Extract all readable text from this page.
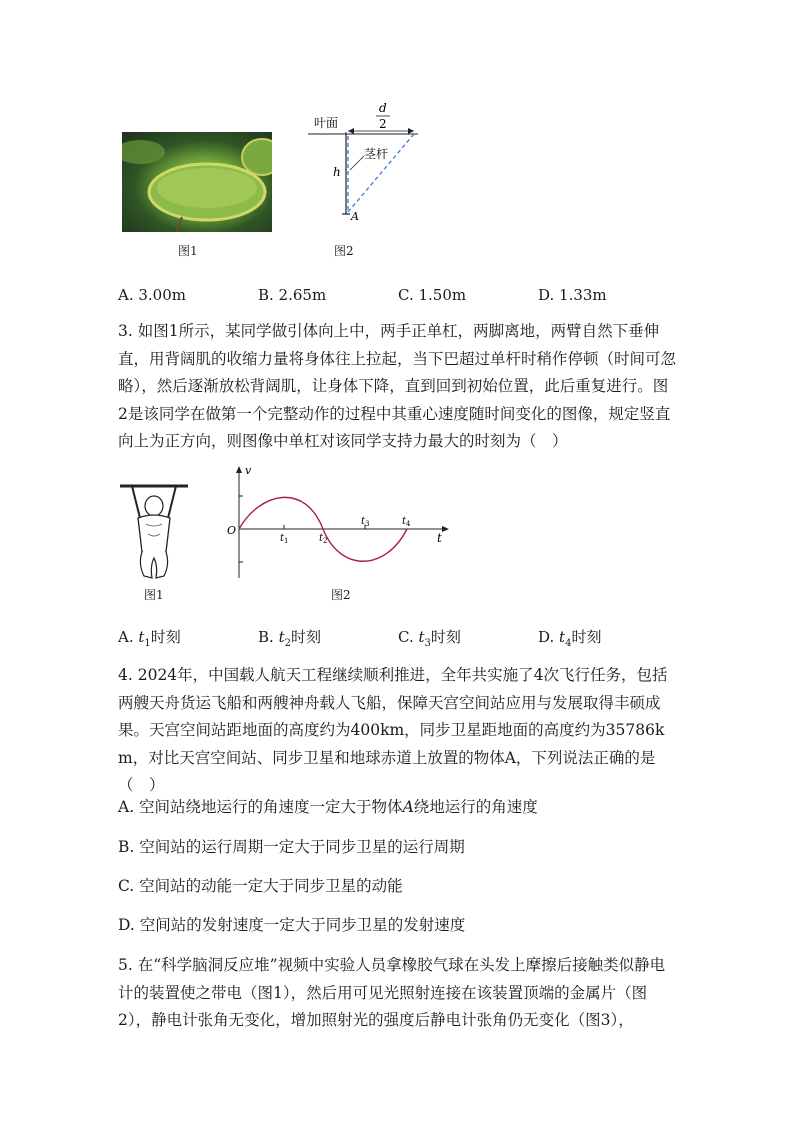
图1
叶面
d
2
茎杆
h
A
图2
A. 3.00m	B. 2.65m	C. 1.50m	D. 1.33m
3. 如图1所示，某同学做引体向上中，两手正单杠，两脚离地，两臂自然下垂伸直，用背阔肌的收缩力量将身体往上拉起，当下巴超过单杆时稍作停顿（时间可忽略），然后逐渐放松背阔肌，让身体下降，直到回到初始位置，此后重复进行。图2是该同学在做第一个完整动作的过程中其重心速度随时间变化的图像，规定竖直向上为正方向，则图像中单杠对该同学支持力最大的时刻为（　）
图1
v
t
O
$t_1$	$t_2$
$t_3$	$t_4$
图2
A. $t_1$时刻	B. $t_2$时刻	C. $t_3$时刻	D. $t_4$时刻
4. 2024年，中国载人航天工程继续顺利推进，全年共实施了4次飞行任务，包括两艘天舟货运飞船和两艘神舟载人飞船，保障天宫空间站应用与发展取得丰硕成果。天宫空间站距地面的高度约为400km，同步卫星距地面的高度约为35786km，对比天宫空间站、同步卫星和地球赤道上放置的物体A，下列说法正确的是（　）
A. 空间站绕地运行的角速度一定大于物体A绕地运行的角速度
B. 空间站的运行周期一定大于同步卫星的运行周期
C. 空间站的动能一定大于同步卫星的动能
D. 空间站的发射速度一定大于同步卫星的发射速度
5. 在“科学脑洞反应堆”视频中实验人员拿橡胶气球在头发上摩擦后接触类似静电计的装置使之带电（图1），然后用可见光照射连接在该装置顶端的金属片（图2），静电计张角无变化，增加照射光的强度后静电计张角仍无变化（图3），
